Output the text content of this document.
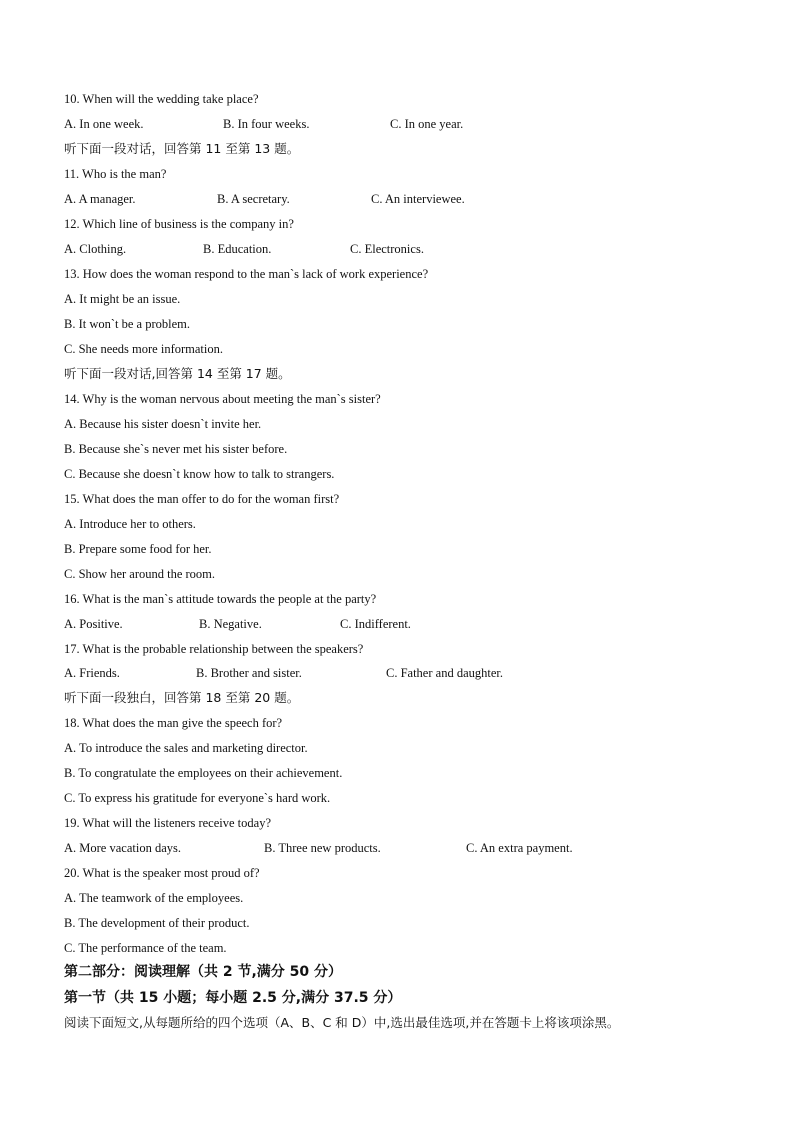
10. When will the wedding take place?
A. In one week.	B. In four weeks.	C. In one year.
听下面一段对话，回答第 11 至第 13 题。
11. Who is the man?
A. A manager.	B. A secretary.	C. An interviewee.
12. Which line of business is the company in?
A. Clothing.	B. Education.	C. Electronics.
13. How does the woman respond to the man`s lack of work experience?
A. It might be an issue.
B. It won`t be a problem.
C. She needs more information.
听下面一段对话,回答第 14 至第 17 题。
14. Why is the woman nervous about meeting the man`s sister?
A. Because his sister doesn`t invite her.
B. Because she`s never met his sister before.
C. Because she doesn`t know how to talk to strangers.
15. What does the man offer to do for the woman first?
A. Introduce her to others.
B. Prepare some food for her.
C. Show her around the room.
16. What is the man`s attitude towards the people at the party?
A. Positive.	B. Negative.	C. Indifferent.
17. What is the probable relationship between the speakers?
A. Friends.	B. Brother and sister.	C. Father and daughter.
听下面一段独白，回答第 18 至第 20 题。
18. What does the man give the speech for?
A. To introduce the sales and marketing director.
B. To congratulate the employees on their achievement.
C. To express his gratitude for everyone`s hard work.
19. What will the listeners receive today?
A. More vacation days.	B. Three new products.	C. An extra payment.
20. What is the speaker most proud of?
A. The teamwork of the employees.
B. The development of their product.
C. The performance of the team.
第二部分：阅读理解（共 2 节,满分 50 分）
第一节（共 15 小题；每小题 2.5 分,满分 37.5 分）
阅读下面短文,从每题所给的四个选项（A、B、C 和 D）中,选出最佳选项,并在答题卡上将该项涂黑。
